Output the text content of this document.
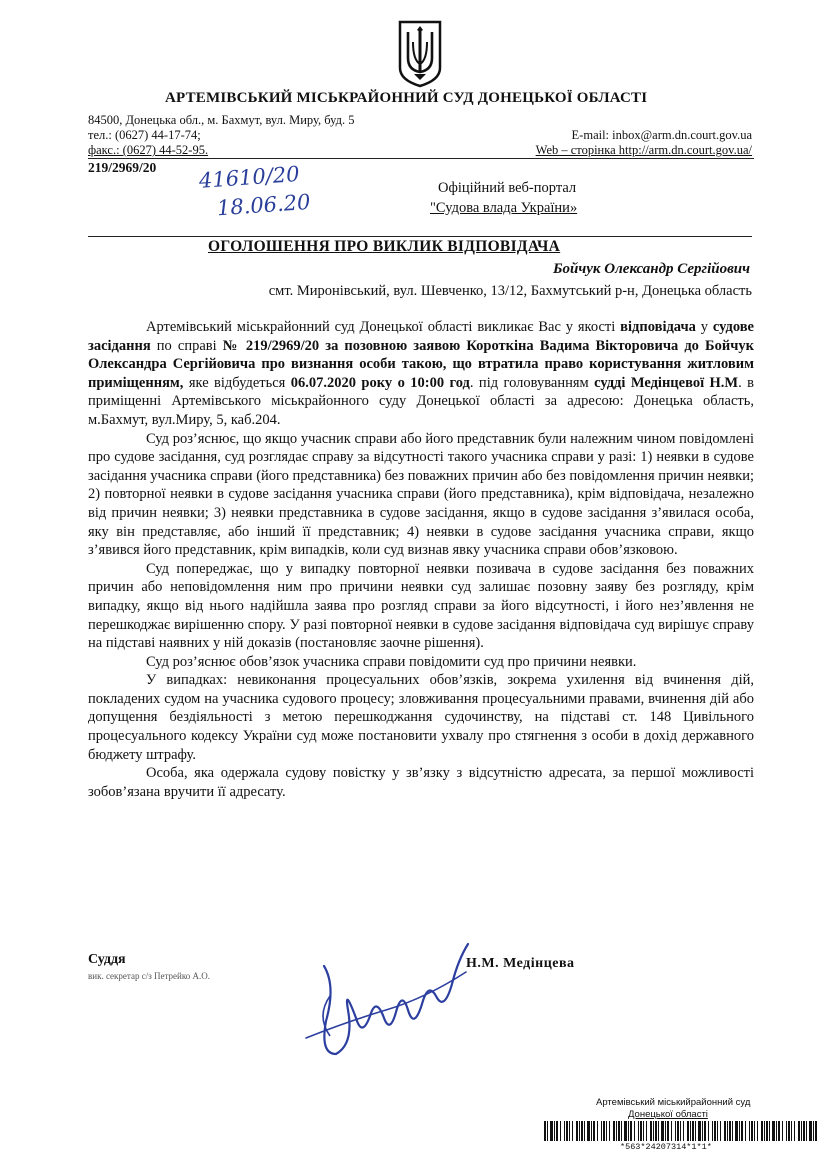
АРТЕМІВСЬКИЙ МІСЬКРАЙОННИЙ СУД ДОНЕЦЬКОЇ ОБЛАСТІ
84500, Донецька обл., м. Бахмут, вул. Миру, буд. 5
тел.: (0627) 44-17-74;
факс.: (0627) 44-52-95.
E-mail: inbox@arm.dn.court.gov.ua
Web – сторінка http://arm.dn.court.gov.ua/
219/2969/20 41610/20
18.06.20
Офіційний веб-портал
"Судова влада України»
ОГОЛОШЕННЯ ПРО ВИКЛИК ВІДПОВІДАЧА
Бойчук Олександр Сергійович
смт. Миронівський, вул. Шевченко, 13/12, Бахмутський р-н, Донецька область

Артемівський міськрайонний суд Донецької області викликає Вас у якості відповідача у судове засідання по справі № 219/2969/20 за позовною заявою Короткіна Вадима Вікторовича до Бойчук Олександра Сергійовича про визнання особи такою, що втратила право користування житловим приміщенням, яке відбудеться 06.07.2020 року о 10:00 год. під головуванням судді Медінцевої Н.М. в приміщенні Артемівського міськрайонного суду Донецької області за адресою: Донецька область, м.Бахмут, вул.Миру, 5, каб.204.

Суд роз’яснює, що якщо учасник справи або його представник були належним чином повідомлені про судове засідання, суд розглядає справу за відсутності такого учасника справи у разі: 1) неявки в судове засідання учасника справи (його представника) без поважних причин або без повідомлення причин неявки; 2) повторної неявки в судове засідання учасника справи (його представника), крім відповідача, незалежно від причин неявки; 3) неявки представника в судове засідання, якщо в судове засідання з’явилася особа, яку він представляє, або інший її представник; 4) неявки в судове засідання учасника справи, якщо з’явився його представник, крім випадків, коли суд визнав явку учасника справи обов’язковою.

Суд попереджає, що у випадку повторної неявки позивача в судове засідання без поважних причин або неповідомлення ним про причини неявки суд залишає позовну заяву без розгляду, крім випадку, якщо від нього надійшла заява про розгляд справи за його відсутності, і його нез’явлення не перешкоджає вирішенню спору. У разі повторної неявки в судове засідання відповідача суд вирішує справу на підставі наявних у ній доказів (постановляє заочне рішення).

Суд роз’яснює обов’язок учасника справи повідомити суд про причини неявки.

У випадках: невиконання процесуальних обов’язків, зокрема ухилення від вчинення дій, покладених судом на учасника судового процесу; зловживання процесуальними правами, вчинення дій або допущення бездіяльності з метою перешкоджання судочинству, на підставі ст. 148 Цивільного процесуального кодексу України суд може постановити ухвалу про стягнення з особи в дохід державного бюджету штрафу.

Особа, яка одержала судову повістку у зв’язку з відсутністю адресата, за першої можливості зобов’язана вручити її адресату.

Суддя
вик. секретар с/з Петрейко А.О.
Н.М. Медінцева
Артемівський міськийрайонний суд
Донецької області
*563*24207314*1*1*
